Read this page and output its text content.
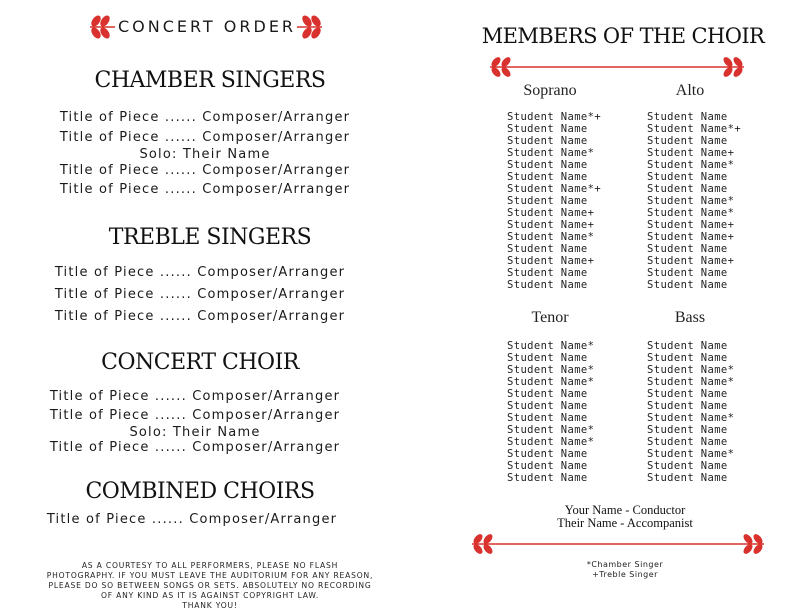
CONCERT ORDER
CHAMBER SINGERS
Title of Piece ...... Composer/Arranger
Title of Piece ...... Composer/Arranger
Solo: Their Name
Title of Piece ...... Composer/Arranger
Title of Piece ...... Composer/Arranger
TREBLE SINGERS
Title of Piece ...... Composer/Arranger
Title of Piece ...... Composer/Arranger
Title of Piece ...... Composer/Arranger
CONCERT CHOIR
Title of Piece ...... Composer/Arranger
Title of Piece ...... Composer/Arranger
Solo: Their Name
Title of Piece ...... Composer/Arranger
COMBINED CHOIRS
Title of Piece ...... Composer/Arranger
AS A COURTESY TO ALL PERFORMERS, PLEASE NO FLASH
PHOTOGRAPHY. IF YOU MUST LEAVE THE AUDITORIUM FOR ANY REASON,
PLEASE DO SO BETWEEN SONGS OR SETS. ABSOLUTELY NO RECORDING
OF ANY KIND AS IT IS AGAINST COPYRIGHT LAW.
THANK YOU!
MEMBERS OF THE CHOIR
Soprano	Alto
Student Name*+
Student Name
Student Name
Student Name*
Student Name
Student Name
Student Name*+
Student Name
Student Name+
Student Name+
Student Name*
Student Name
Student Name+
Student Name
Student Name
Student Name
Student Name*+
Student Name
Student Name+
Student Name*
Student Name
Student Name
Student Name*
Student Name*
Student Name+
Student Name+
Student Name
Student Name+
Student Name
Student Name
Tenor	Bass
Student Name*
Student Name
Student Name*
Student Name*
Student Name
Student Name
Student Name
Student Name*
Student Name*
Student Name
Student Name
Student Name
Student Name
Student Name
Student Name*
Student Name*
Student Name
Student Name
Student Name*
Student Name
Student Name
Student Name*
Student Name
Student Name
Your Name - Conductor
Their Name - Accompanist
*Chamber Singer
+Treble Singer
